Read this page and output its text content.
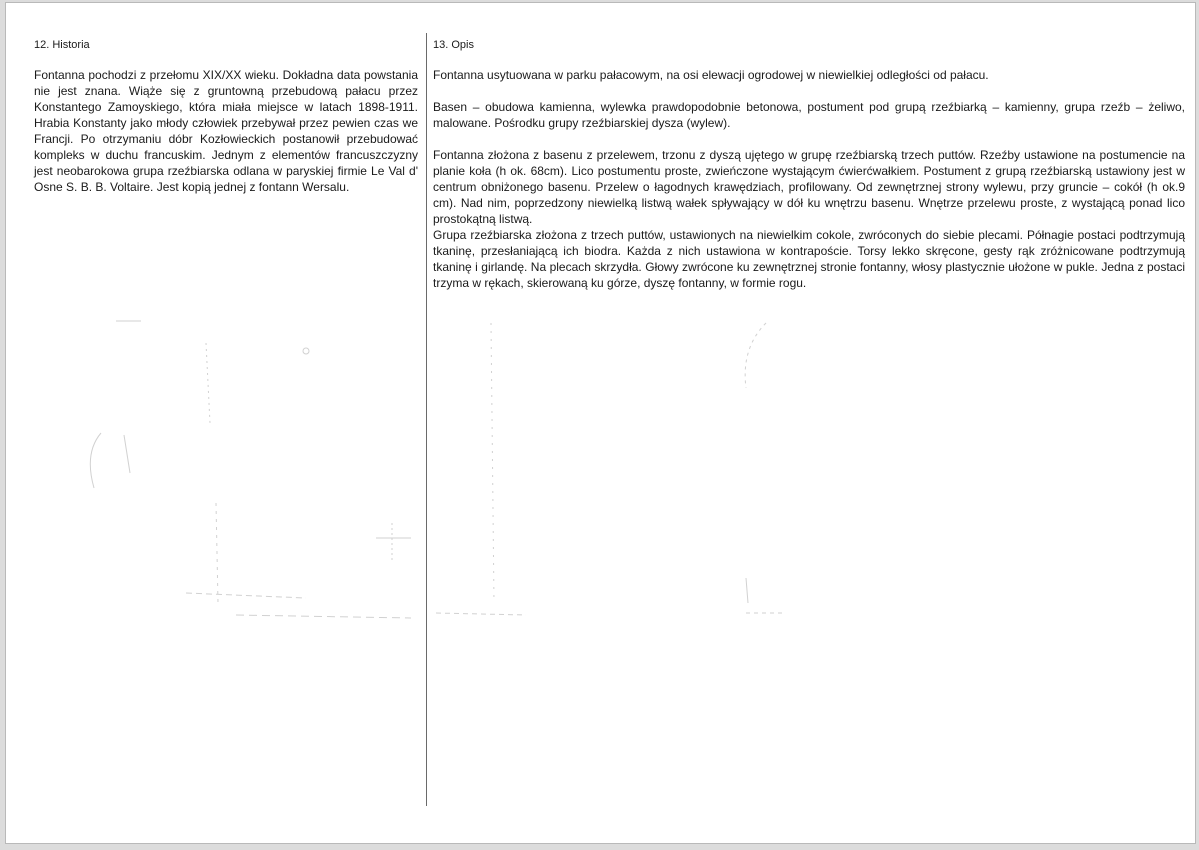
12. Historia

Fontanna pochodzi z przełomu XIX/XX wieku. Dokładna data powstania nie jest znana. Wiąże się z gruntowną przebudową pałacu przez Konstantego Zamoyskiego, która miała miejsce w latach 1898-1911. Hrabia Konstanty jako młody człowiek przebywał przez pewien czas we Francji. Po otrzymaniu dóbr Kozłowieckich postanowił przebudować kompleks w duchu francuskim. Jednym z elementów francuszczyzny jest neobarokowa grupa rzeźbiarska odlana w paryskiej firmie Le Val d' Osne S. B. B. Voltaire. Jest kopią jednej z fontann Wersalu.

13. Opis

Fontanna usytuowana w parku pałacowym, na osi elewacji ogrodowej w niewielkiej odległości od pałacu.

Basen – obudowa kamienna, wylewka prawdopodobnie betonowa, postument pod grupą rzeźbiarką – kamienny, grupa rzeźb – żeliwo, malowane. Pośrodku grupy rzeźbiarskiej dysza (wylew).

Fontanna złożona z basenu z przelewem, trzonu z dyszą ujętego w grupę rzeźbiarską trzech puttów. Rzeźby ustawione na postumencie na planie koła (h ok. 68cm). Lico postumentu proste, zwieńczone wystającym ćwierćwałkiem. Postument z grupą rzeźbiarską ustawiony jest w centrum obniżonego basenu. Przelew o łagodnych krawędziach, profilowany. Od zewnętrznej strony wylewu, przy gruncie – cokół (h ok.9 cm). Nad nim, poprzedzony niewielką listwą wałek spływający w dół ku wnętrzu basenu. Wnętrze przelewu proste, z wystającą ponad lico prostokątną listwą.

Grupa rzeźbiarska złożona z trzech puttów, ustawionych na niewielkim cokole, zwróconych do siebie plecami. Półnagie postaci podtrzymują tkaninę, przesłaniającą ich biodra. Każda z nich ustawiona w kontrapoście. Torsy lekko skręcone, gesty rąk zróżnicowane podtrzymują tkaninę i girlandę. Na plecach skrzydła. Głowy zwrócone ku zewnętrznej stronie fontanny, włosy plastycznie ułożone w pukle. Jedna z postaci trzyma w rękach, skierowaną ku górze, dyszę fontanny, w formie rogu.
